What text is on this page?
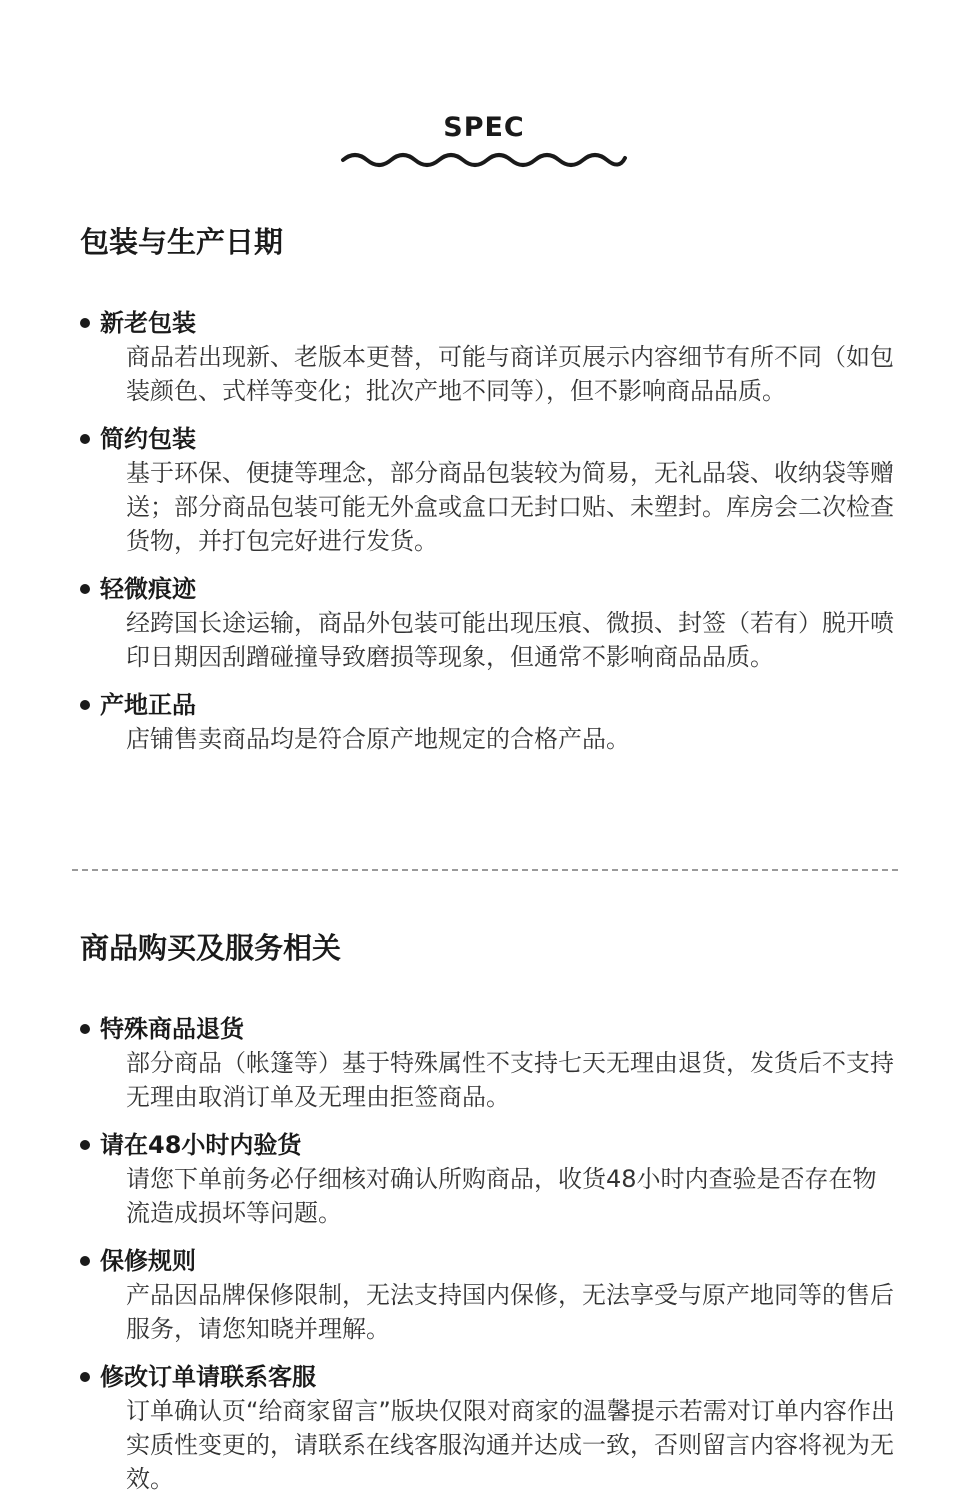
SPEC
包装与生产日期
新老包装
商品若出现新、老版本更替，可能与商详页展示内容细节有所不同（如包装颜色、式样等变化；批次产地不同等），但不影响商品品质。
简约包装
基于环保、便捷等理念，部分商品包装较为简易，无礼品袋、收纳袋等赠送；部分商品包装可能无外盒或盒口无封口贴、未塑封。库房会二次检查货物，并打包完好进行发货。
轻微痕迹
经跨国长途运输，商品外包装可能出现压痕、微损、封签（若有）脱开喷印日期因刮蹭碰撞导致磨损等现象，但通常不影响商品品质。
产地正品
店铺售卖商品均是符合原产地规定的合格产品。
商品购买及服务相关
特殊商品退货
部分商品（帐篷等）基于特殊属性不支持七天无理由退货，发货后不支持无理由取消订单及无理由拒签商品。
请在48小时内验货
请您下单前务必仔细核对确认所购商品，收货48小时内查验是否存在物流造成损坏等问题。
保修规则
产品因品牌保修限制，无法支持国内保修，无法享受与原产地同等的售后服务，请您知晓并理解。
修改订单请联系客服
订单确认页“给商家留言”版块仅限对商家的温馨提示若需对订单内容作出实质性变更的，请联系在线客服沟通并达成一致，否则留言内容将视为无效。
